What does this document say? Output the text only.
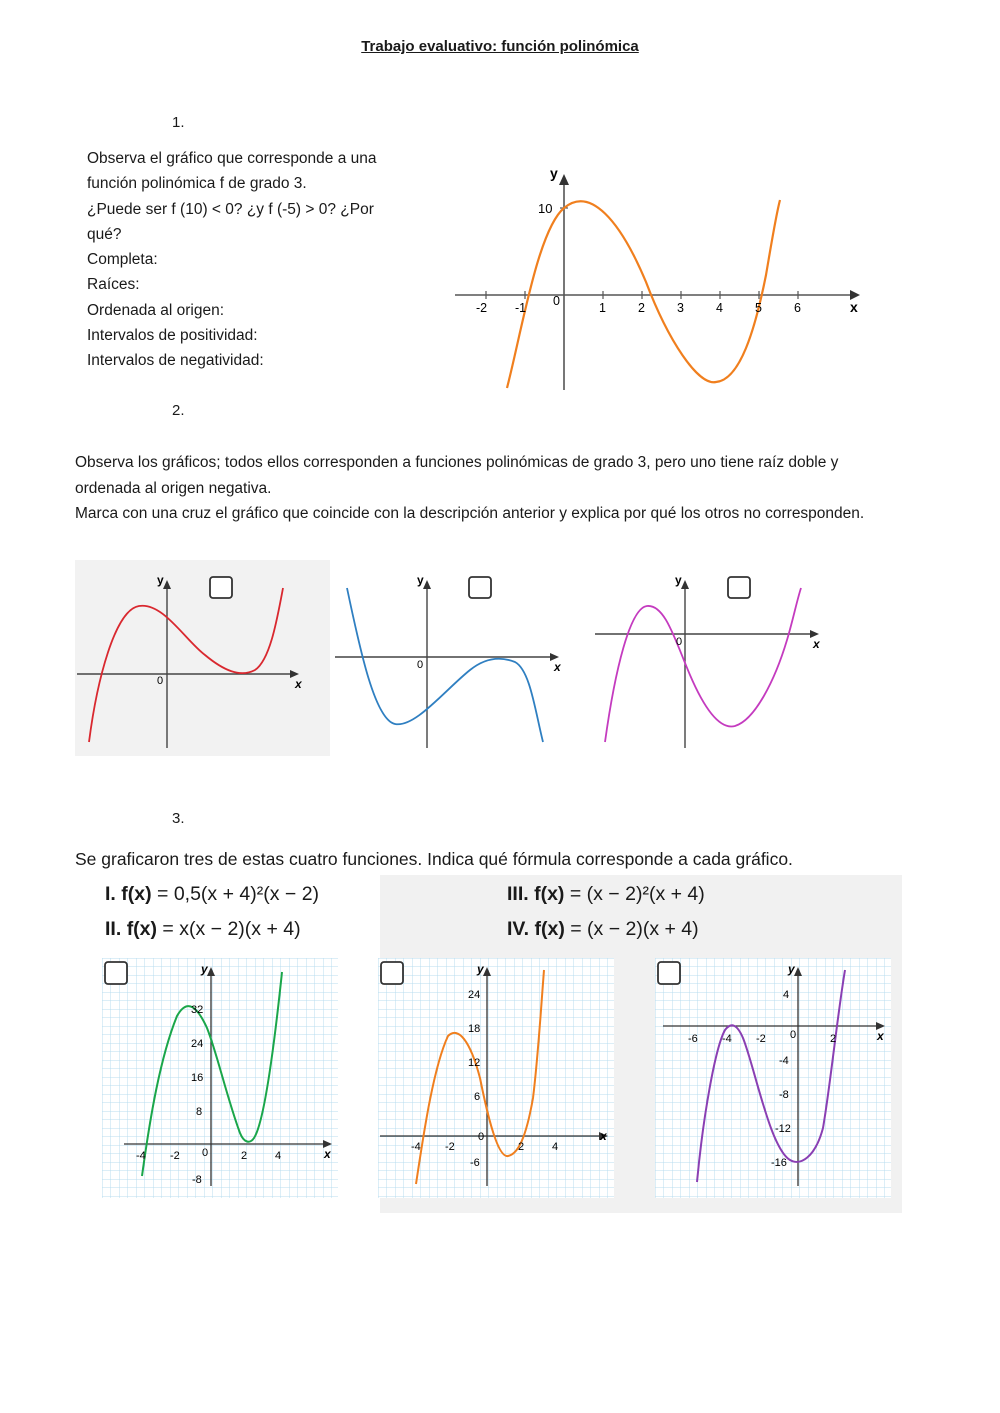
Trabajo evaluativo: función polinómica
1.
Observa el gráfico que corresponde a una
función polinómica f de grado 3.
¿Puede ser f (10) < 0? ¿y f (-5) > 0? ¿Por
qué?
Completa:
Raíces:
Ordenada al origen:
Intervalos de positividad:
Intervalos de negatividad:
y
10
x
-2 -1 0	1	2	3	4	5	6
2.
Observa los gráficos; todos ellos corresponden a funciones polinómicas de grado 3, pero uno tiene raíz doble y ordenada al origen negativa.
Marca con una cruz el gráfico que coincide con la descripción anterior y explica por qué los otros no corresponden.
y
x
0
y
x
0
y
x
0
3.
Se graficaron tres de estas cuatro funciones. Indica qué fórmula corresponde a cada gráfico.
I. f(x) = 0,5(x + 4)²(x − 2)
II. f(x) = x(x − 2)(x + 4)
III. f(x) = (x − 2)²(x + 4)
IV. f(x) = (x − 2)(x + 4)
y
x
32
24
16
8
-8
-4 -2 0	2	4
y
x
24
18
12
6
-6
-4 -2
0
2	4
y
x
4
-4
-8
-12
-16
-6 -4 -2 0	2
